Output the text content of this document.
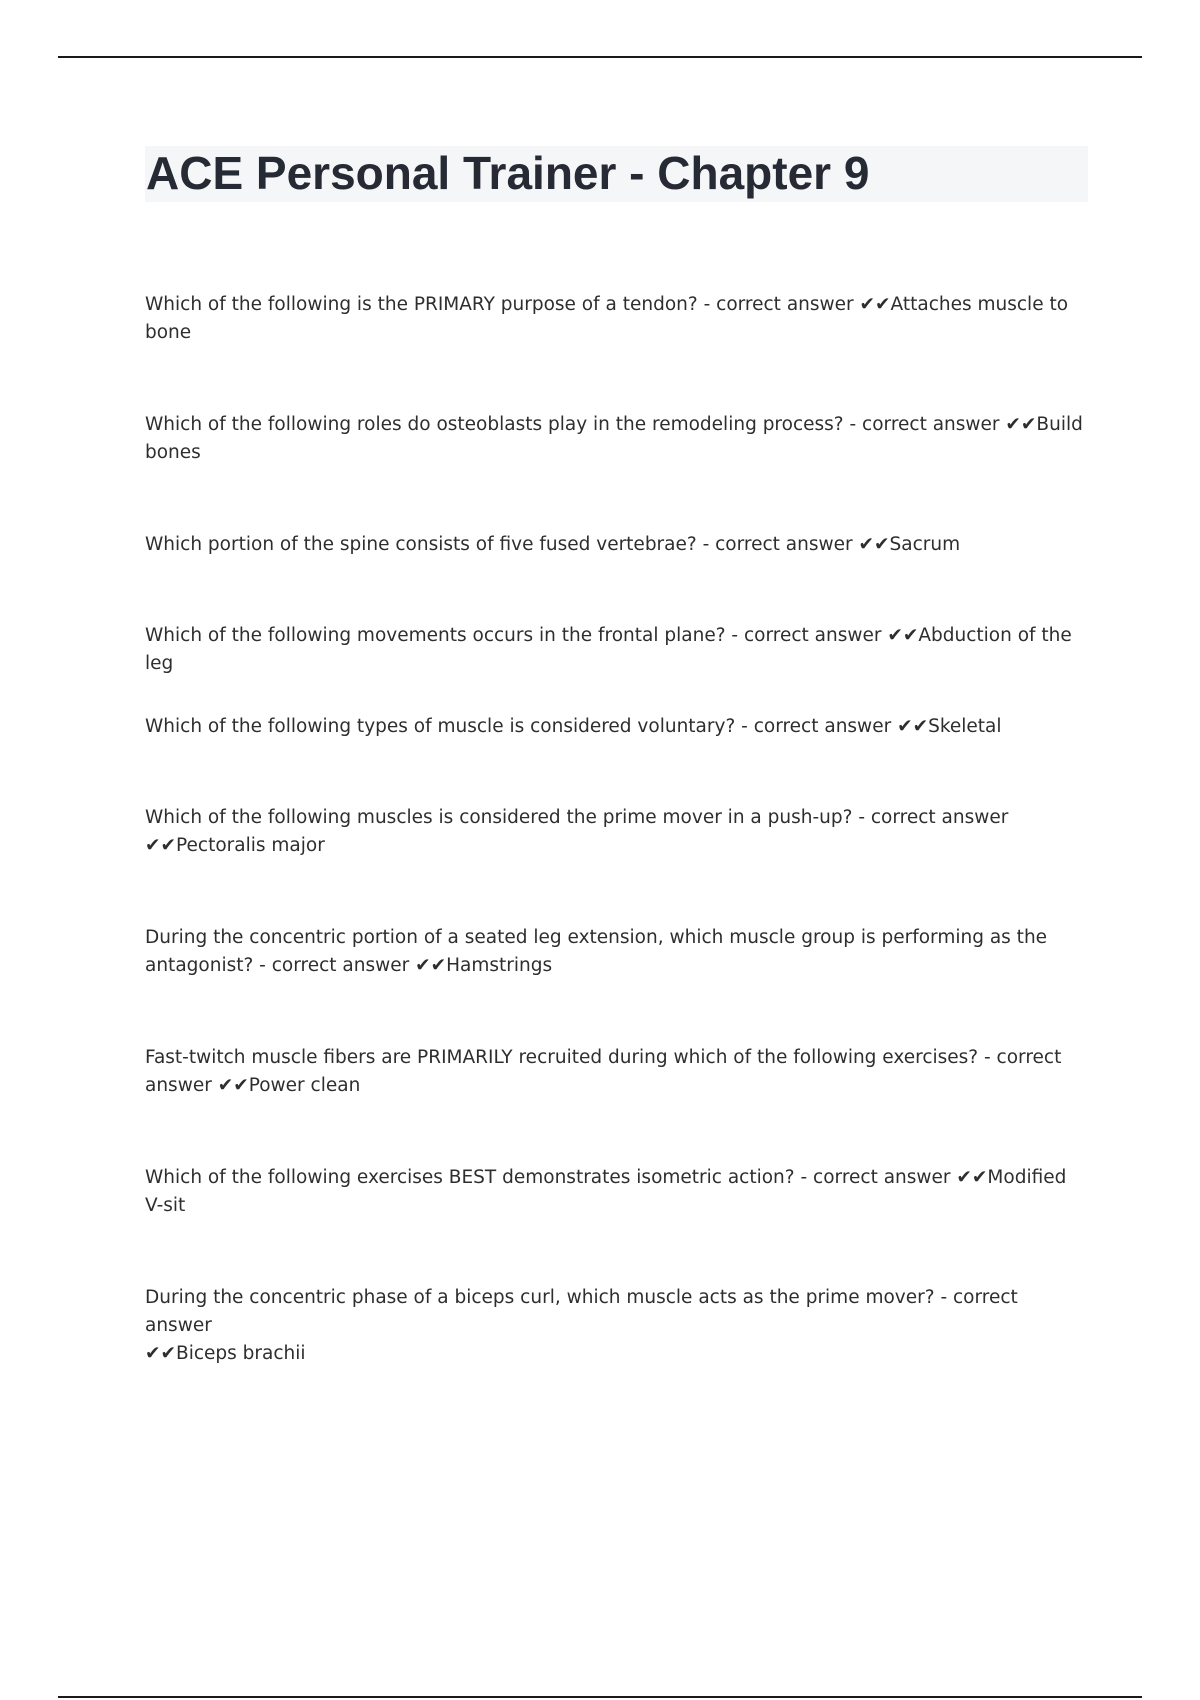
ACE Personal Trainer - Chapter 9
Which of the following is the PRIMARY purpose of a tendon? - correct answer ✔✔Attaches muscle to bone
Which of the following roles do osteoblasts play in the remodeling process? - correct answer ✔✔Build bones
Which portion of the spine consists of five fused vertebrae? - correct answer ✔✔Sacrum
Which of the following movements occurs in the frontal plane? - correct answer ✔✔Abduction of the leg
Which of the following types of muscle is considered voluntary? - correct answer ✔✔Skeletal
Which of the following muscles is considered the prime mover in a push-up? - correct answer
✔✔Pectoralis major
During the concentric portion of a seated leg extension, which muscle group is performing as the antagonist? - correct answer ✔✔Hamstrings
Fast-twitch muscle fibers are PRIMARILY recruited during which of the following exercises? - correct answer ✔✔Power clean
Which of the following exercises BEST demonstrates isometric action? - correct answer ✔✔Modified V-sit
During the concentric phase of a biceps curl, which muscle acts as the prime mover? - correct answer
✔✔Biceps brachii
